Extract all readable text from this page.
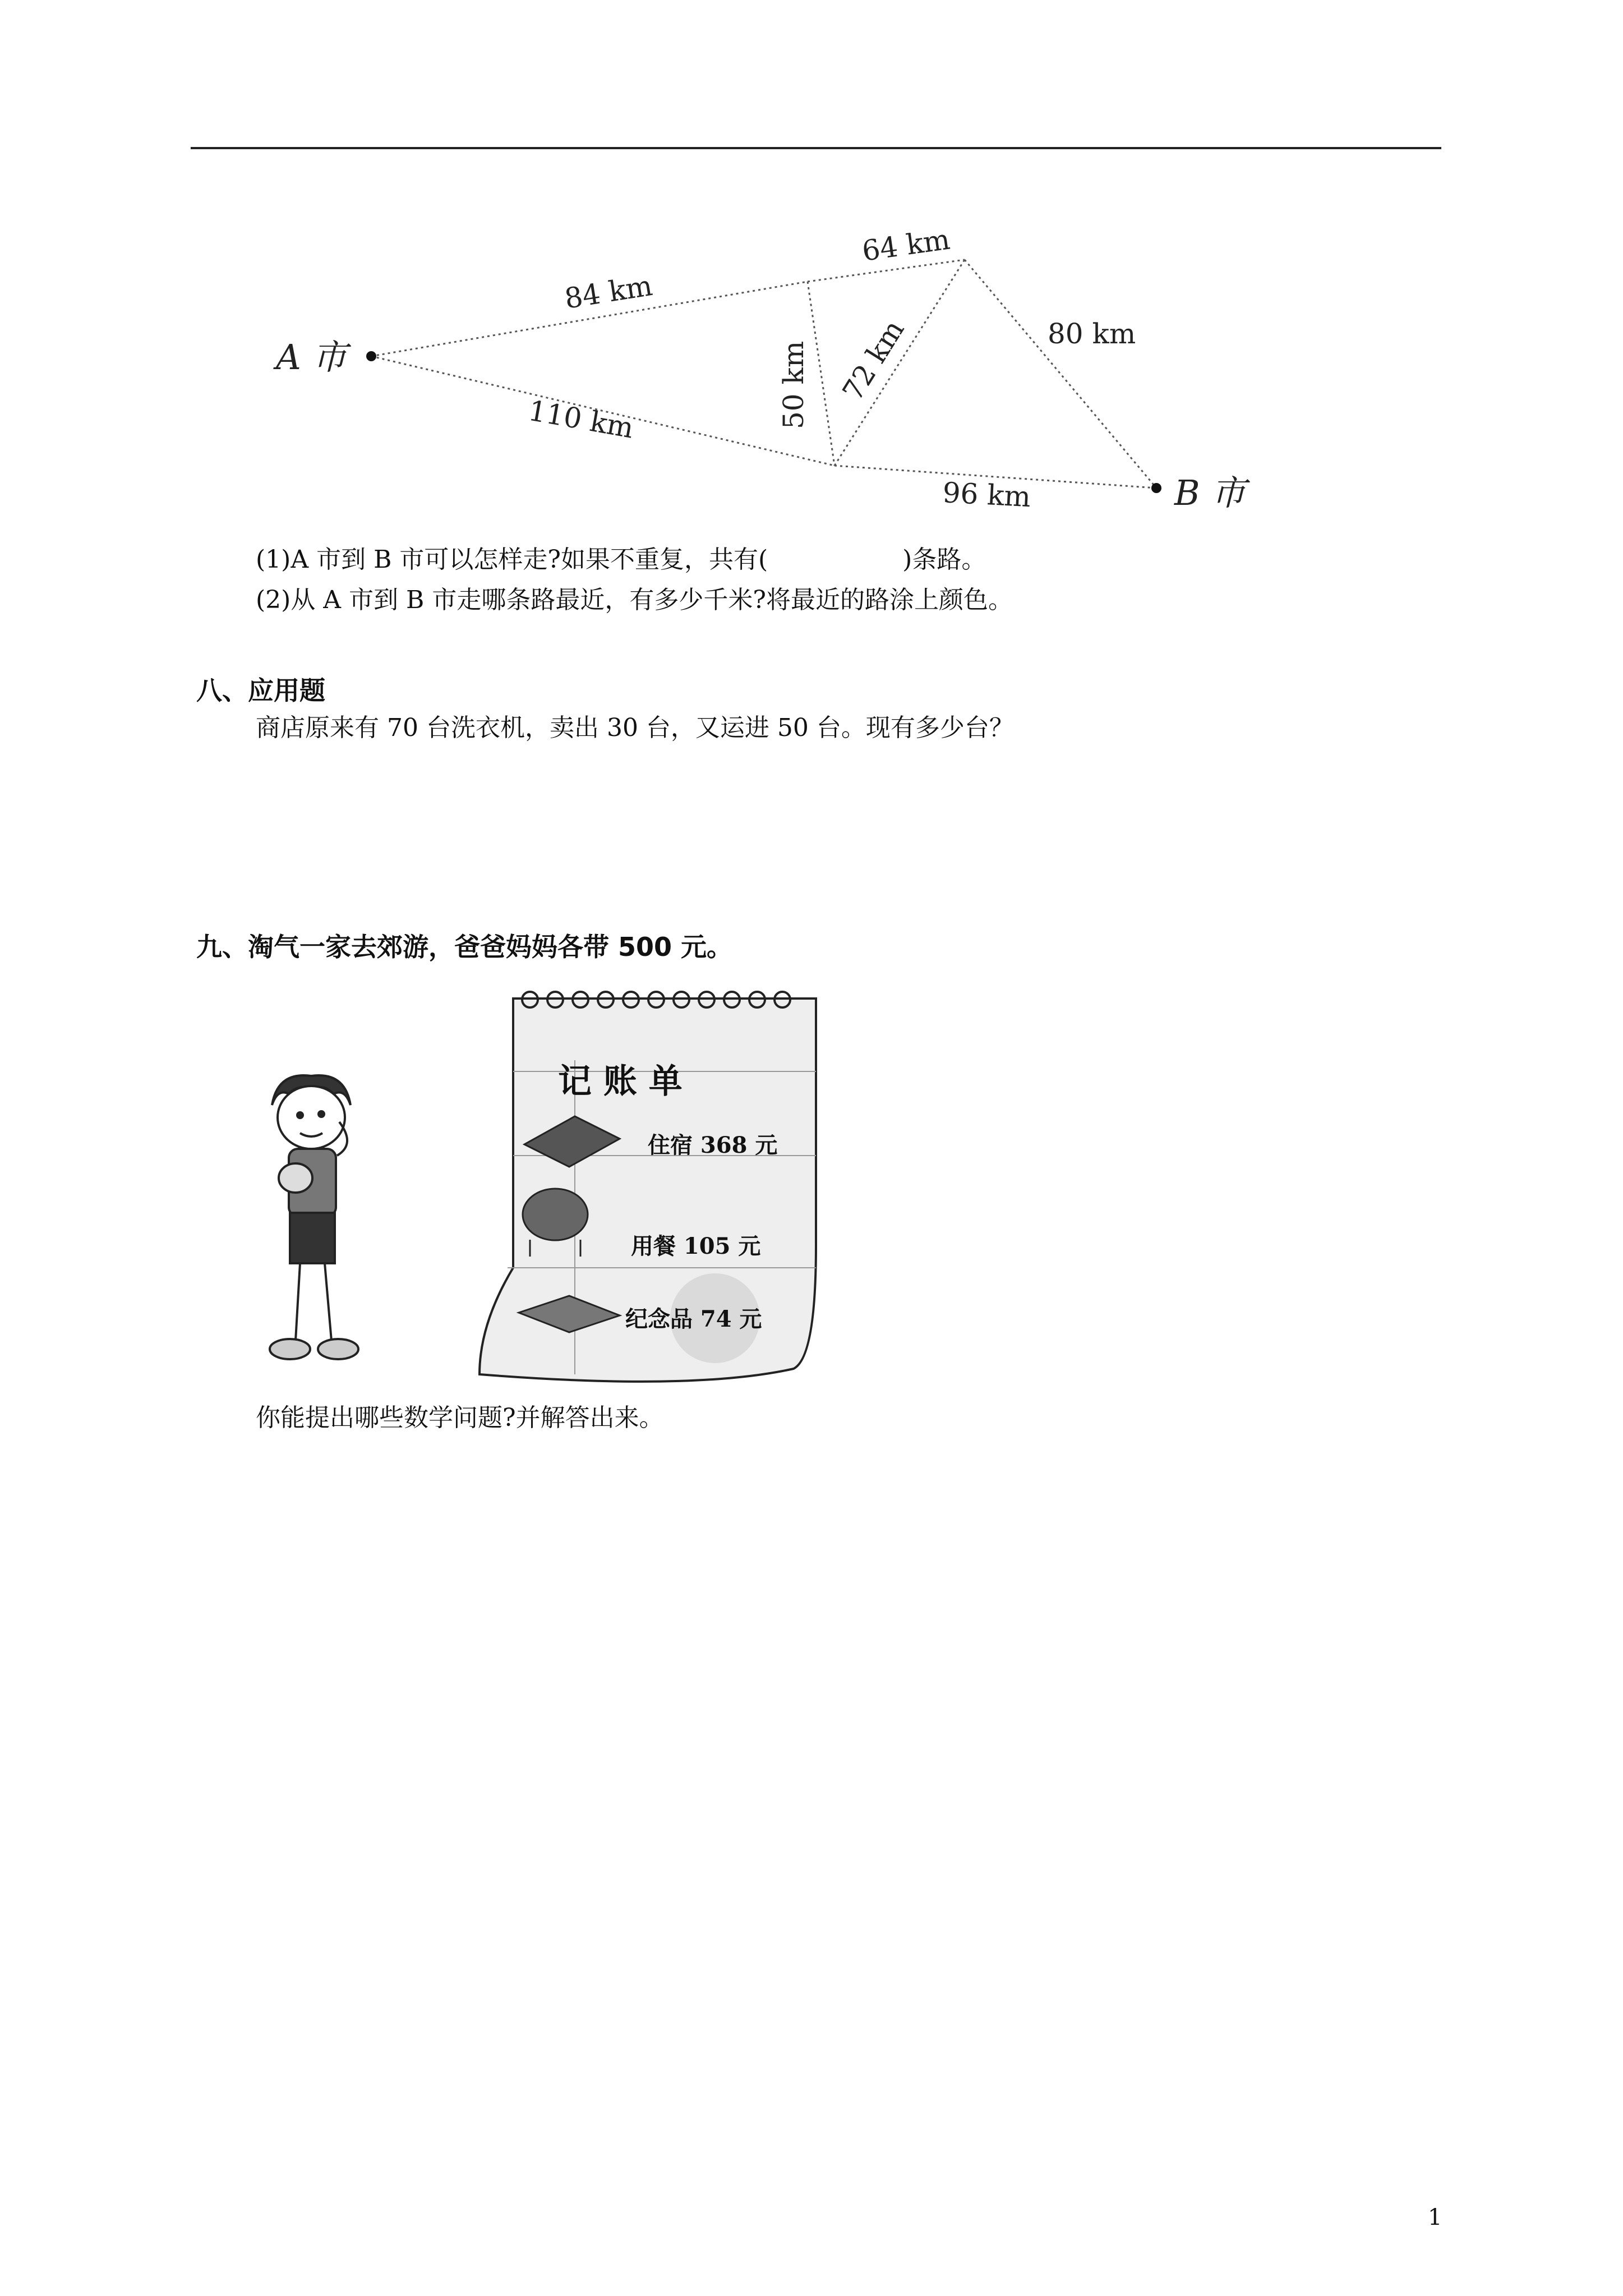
A 市
B 市
84 km
64 km
80 km
110 km
96 km
50 km 72 km
(1)A 市到 B 市可以怎样走?如果不重复，共有(	)条路。
(2)从 A 市到 B 市走哪条路最近，有多少千米?将最近的路涂上颜色。
八、应用题
商店原来有 70 台洗衣机，卖出 30 台，又运进 50 台。现有多少台？
九、淘气一家去郊游，爸爸妈妈各带 500 元。
记 账 单
住宿 368 元
用餐 105 元
纪念品 74 元
你能提出哪些数学问题?并解答出来。
1
